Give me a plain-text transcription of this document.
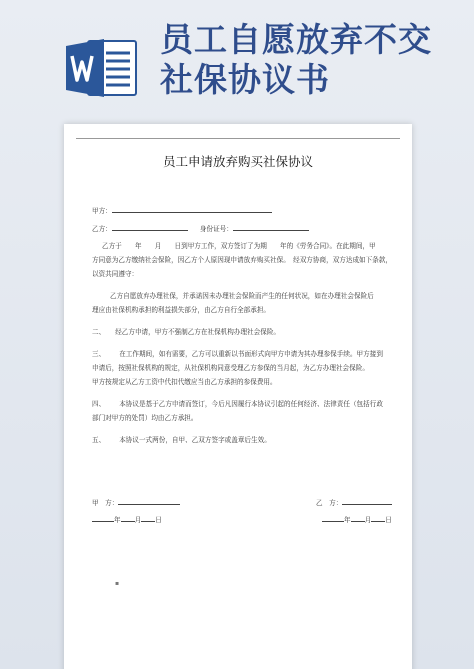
员工自愿放弃不交
社保协议书
员工申请放弃购买社保协议
甲方：
乙方：	身份证号：
乙方于　　年　　月　　日到甲方工作，双方签订了为期　　年的《劳务合同》。在此期间，甲
方同意为乙方缴纳社会保险，因乙方个人原因现申请放弃购买社保。　经双方协商，双方达成如下条款，
以资共同遵守：
乙方自愿放弃办理社保，并承诺因未办理社会保险而产生的任何状况，如在办理社会保险后
理应由社保机构承担的利益损失部分，由乙方自行全部承担。
二、 经乙方申请，甲方不强制乙方在社保机构办理社会保险。
三、 在工作期间，如有需要，乙方可以重新以书面形式向甲方申请为其办理参保手续。甲方接到
申请后，按照社保机构的规定，从社保机构同意受理乙方参保的当月起，为乙方办理社会保险。
甲方按规定从乙方工资中代扣代缴应当由乙方承担的参保费用。
四、 本协议是基于乙方申请而签订，今后凡因履行本协议引起的任何经济、法律责任（包括行政
部门对甲方的处罚）均由乙方承担。
五、 本协议一式两份，自甲、乙双方签字或盖章后生效。
甲　方：	乙　方：
年 月 日	年 月 日
▪
